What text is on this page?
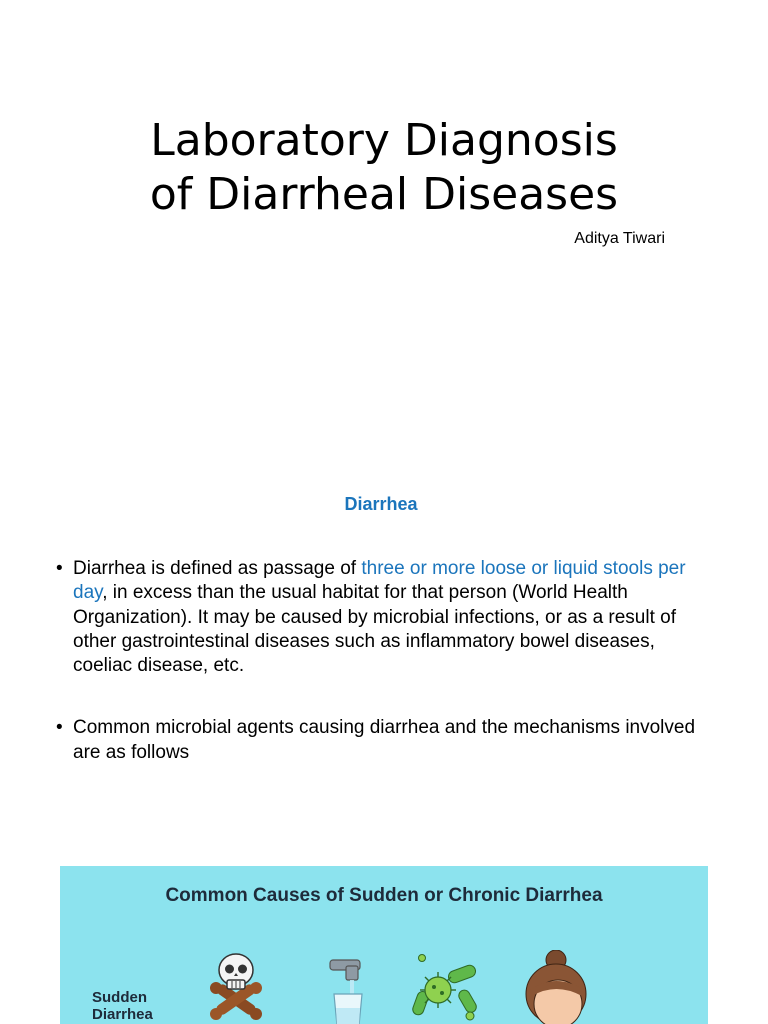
Laboratory Diagnosis
of Diarrheal Diseases
Aditya Tiwari
Diarrhea
• Diarrhea is defined as passage of three or more loose or liquid stools per day, in excess than the usual habitat for that person (World Health Organization). It may be caused by microbial infections, or as a result of other gastrointestinal diseases such as inflammatory bowel diseases, coeliac disease, etc.
• Common microbial agents causing diarrhea and the mechanisms involved are as follows
Common Causes of Sudden or Chronic Diarrhea
Sudden
Diarrhea
